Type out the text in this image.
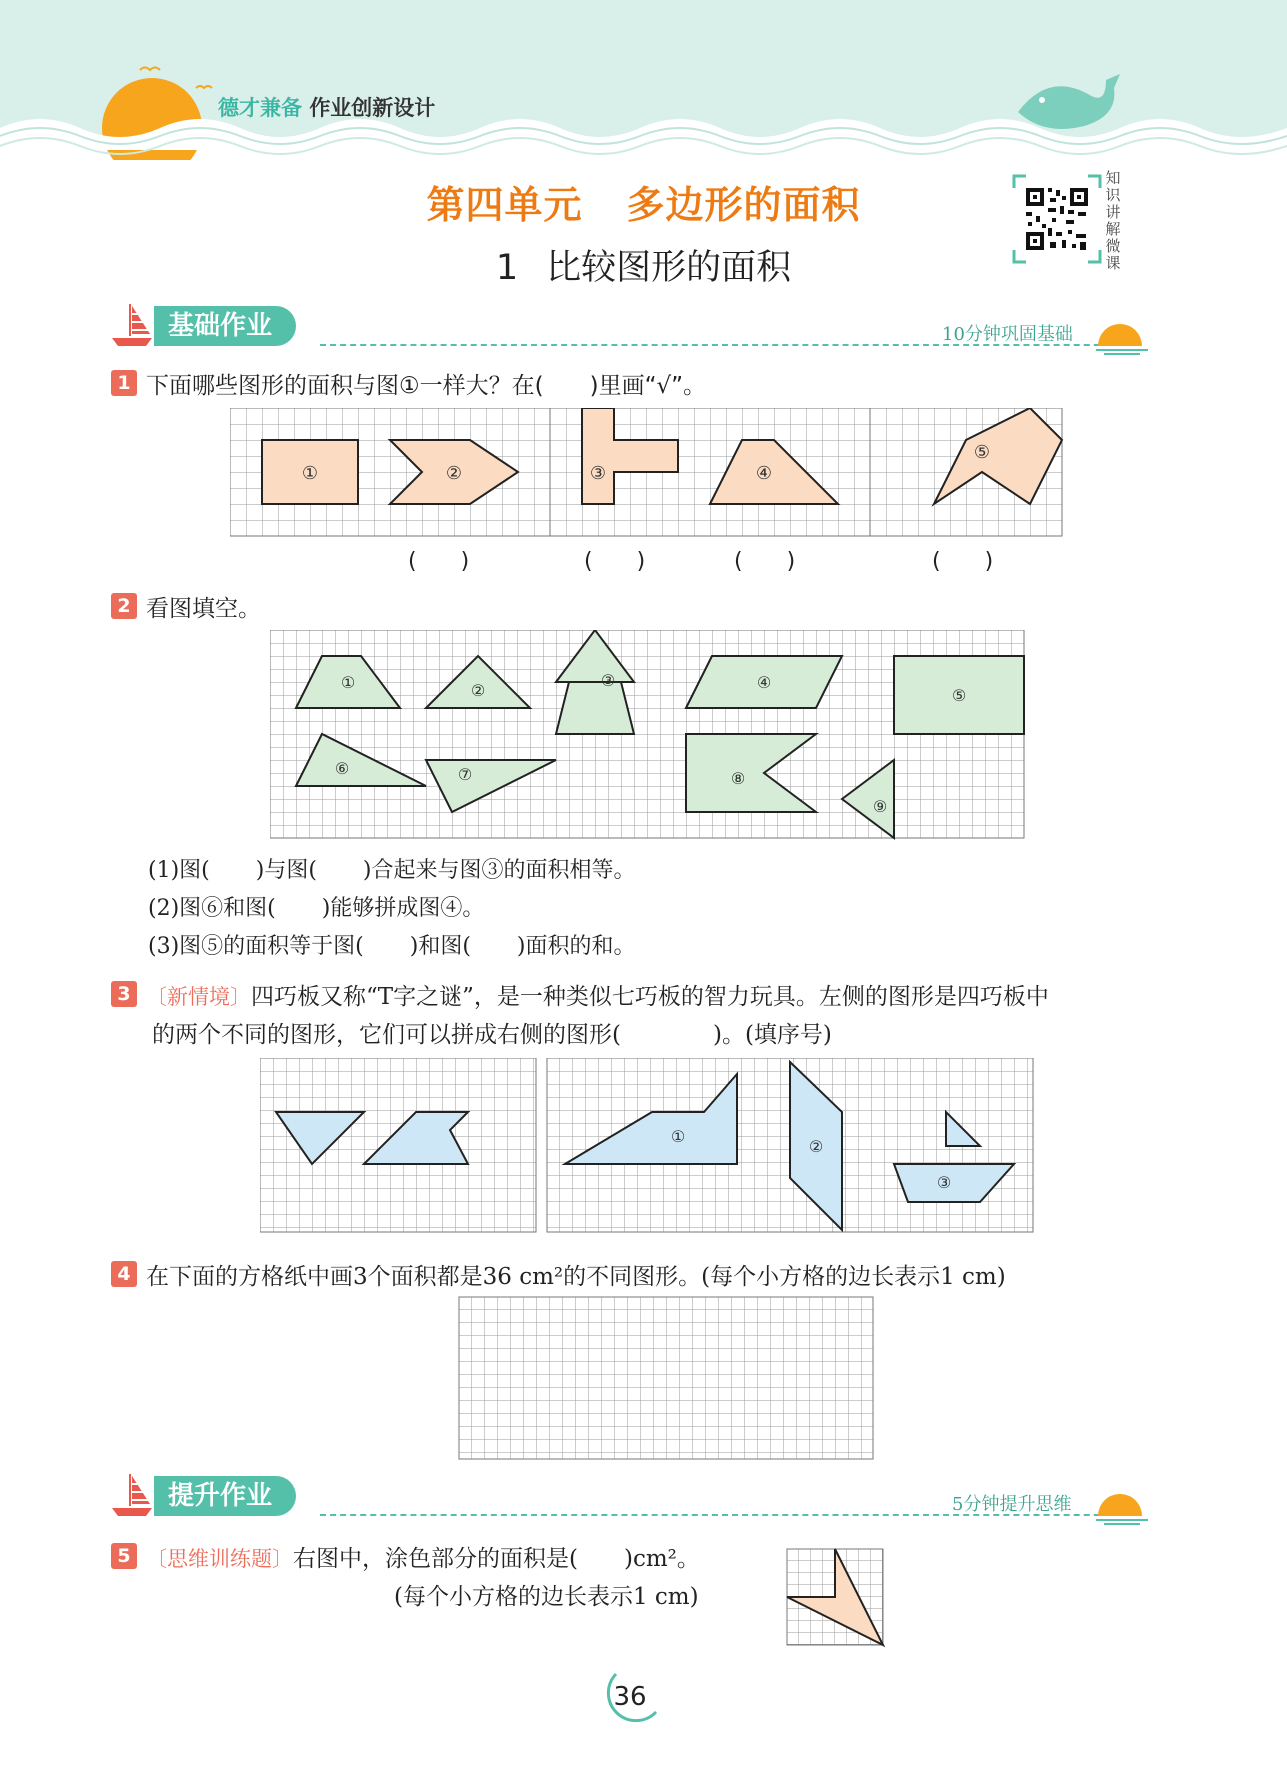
德才兼备 作业创新设计
第四单元 多边形的面积
1 比较图形的面积
知识讲解微课
基础作业	10分钟巩固基础
1 下面哪些图形的面积与图①一样大？在(　　)里画“√”。
①	②	③	④
⑤
(　　)	(　　)	(　　)	(　　)
2 看图填空。
①	②
③	④
⑤
⑥	⑦	⑧
⑨
(1)图( )与图( )合起来与图③的面积相等。
(2)图⑥和图( )能够拼成图④。
(3)图⑤的面积等于图( )和图( )面积的和。
3 〔新情境〕四巧板又称“T字之谜”，是一种类似七巧板的智力玩具。左侧的图形是四巧板中
的两个不同的图形，它们可以拼成右侧的图形(　　　　)。(填序号)
①
②
③
4 在下面的方格纸中画3个面积都是36 cm²的不同图形。(每个小方格的边长表示1 cm)
提升作业	5分钟提升思维
5 〔思维训练题〕右图中，涂色部分的面积是(　　)cm²。
(每个小方格的边长表示1 cm)
36
